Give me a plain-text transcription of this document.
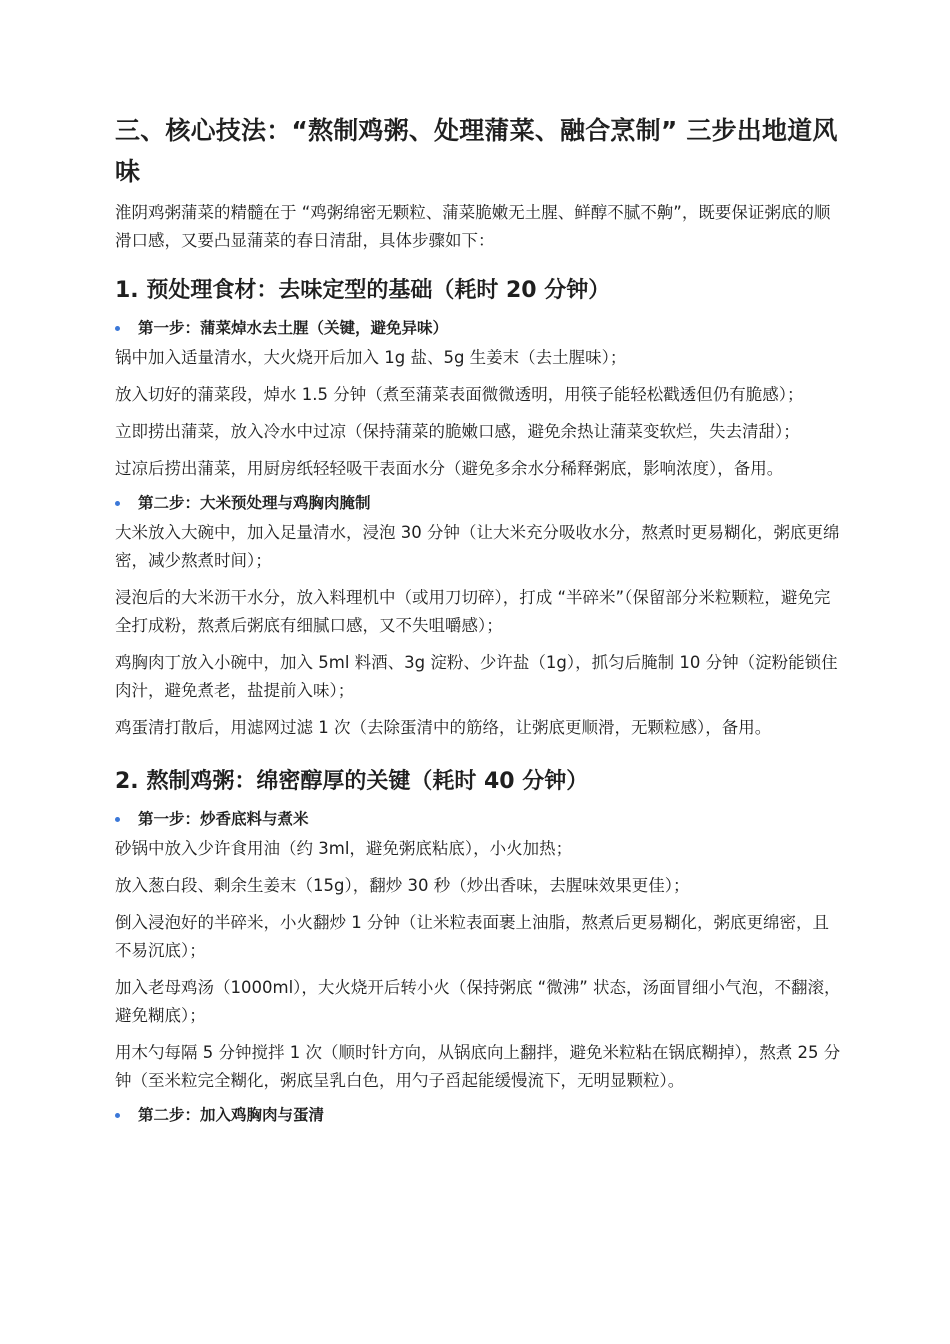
三、核心技法：“熬制鸡粥、处理蒲菜、融合烹制” 三步出地道风味

淮阴鸡粥蒲菜的精髓在于 “鸡粥绵密无颗粒、蒲菜脆嫩无土腥、鲜醇不腻不齁”，既要保证粥底的顺滑口感，又要凸显蒲菜的春日清甜，具体步骤如下：

1. 预处理食材：去味定型的基础（耗时 20 分钟）
第一步：蒲菜焯水去土腥（关键，避免异味）

锅中加入适量清水，大火烧开后加入 1g 盐、5g 生姜末（去土腥味）；

放入切好的蒲菜段，焯水 1.5 分钟（煮至蒲菜表面微微透明，用筷子能轻松戳透但仍有脆感）；

立即捞出蒲菜，放入冷水中过凉（保持蒲菜的脆嫩口感，避免余热让蒲菜变软烂，失去清甜）；

过凉后捞出蒲菜，用厨房纸轻轻吸干表面水分（避免多余水分稀释粥底，影响浓度），备用。

第二步：大米预处理与鸡胸肉腌制

大米放入大碗中，加入足量清水，浸泡 30 分钟（让大米充分吸收水分，熬煮时更易糊化，粥底更绵密，减少熬煮时间）；

浸泡后的大米沥干水分，放入料理机中（或用刀切碎），打成 “半碎米”（保留部分米粒颗粒，避免完全打成粉，熬煮后粥底有细腻口感，又不失咀嚼感）；

鸡胸肉丁放入小碗中，加入 5ml 料酒、3g 淀粉、少许盐（1g），抓匀后腌制 10 分钟（淀粉能锁住肉汁，避免煮老，盐提前入味）；

鸡蛋清打散后，用滤网过滤 1 次（去除蛋清中的筋络，让粥底更顺滑，无颗粒感），备用。

2. 熬制鸡粥：绵密醇厚的关键（耗时 40 分钟）
第一步：炒香底料与煮米

砂锅中放入少许食用油（约 3ml，避免粥底粘底），小火加热；

放入葱白段、剩余生姜末（15g），翻炒 30 秒（炒出香味，去腥味效果更佳）；

倒入浸泡好的半碎米，小火翻炒 1 分钟（让米粒表面裹上油脂，熬煮后更易糊化，粥底更绵密，且不易沉底）；

加入老母鸡汤（1000ml），大火烧开后转小火（保持粥底 “微沸” 状态，汤面冒细小气泡，不翻滚，避免糊底）；

用木勺每隔 5 分钟搅拌 1 次（顺时针方向，从锅底向上翻拌，避免米粒粘在锅底糊掉），熬煮 25 分钟（至米粒完全糊化，粥底呈乳白色，用勺子舀起能缓慢流下，无明显颗粒）。

第二步：加入鸡胸肉与蛋清
